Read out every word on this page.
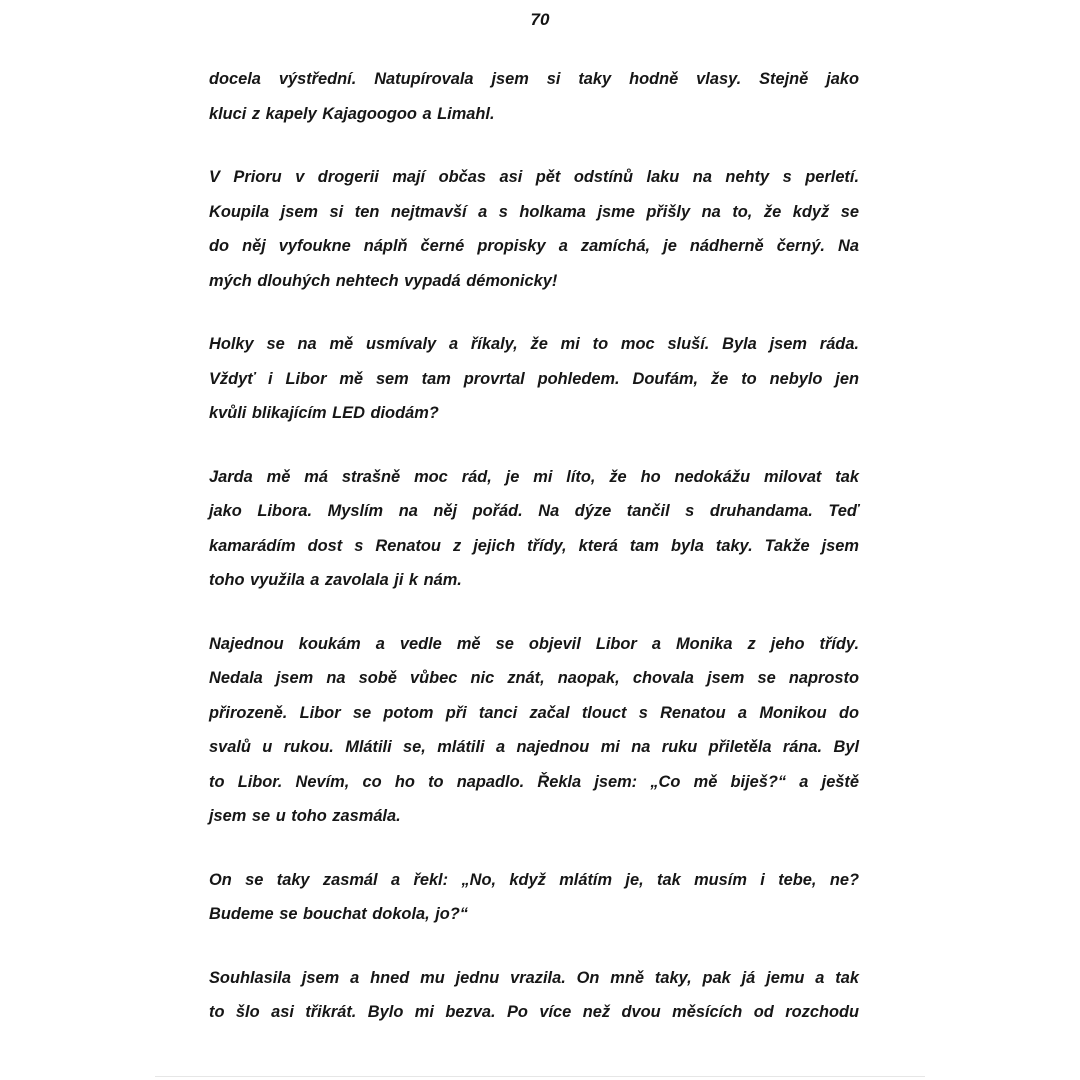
70
docela výstřední. Natupírovala jsem si taky hodně vlasy. Stejně jako
kluci z kapely Kajagoogoo a Limahl.
V Prioru v drogerii mají občas asi pět odstínů laku na nehty s perletí.
Koupila jsem si ten nejtmavší a s holkama jsme přišly na to, že když se
do něj vyfoukne náplň černé propisky a zamíchá, je nádherně černý. Na
mých dlouhých nehtech vypadá démonicky!
Holky se na mě usmívaly a říkaly, že mi to moc sluší. Byla jsem ráda.
Vždyť i Libor mě sem tam provrtal pohledem. Doufám, že to nebylo jen
kvůli blikajícím LED diodám?
Jarda mě má strašně moc rád, je mi líto, že ho nedokážu milovat tak
jako Libora. Myslím na něj pořád. Na dýze tančil s druhandama. Teď
kamarádím dost s Renatou z jejich třídy, která tam byla taky. Takže jsem
toho využila a zavolala ji k nám.
Najednou koukám a vedle mě se objevil Libor a Monika z jeho třídy.
Nedala jsem na sobě vůbec nic znát, naopak, chovala jsem se naprosto
přirozeně. Libor se potom při tanci začal tlouct s Renatou a Monikou do
svalů u rukou. Mlátili se, mlátili a najednou mi na ruku přiletěla rána. Byl
to Libor. Nevím, co ho to napadlo. Řekla jsem: „Co mě biješ?“ a ještě
jsem se u toho zasmála.
On se taky zasmál a řekl: „No, když mlátím je, tak musím i tebe, ne?
Budeme se bouchat dokola, jo?“
Souhlasila jsem a hned mu jednu vrazila. On mně taky, pak já jemu a tak
to šlo asi třikrát. Bylo mi bezva. Po více než dvou měsících od rozchodu
